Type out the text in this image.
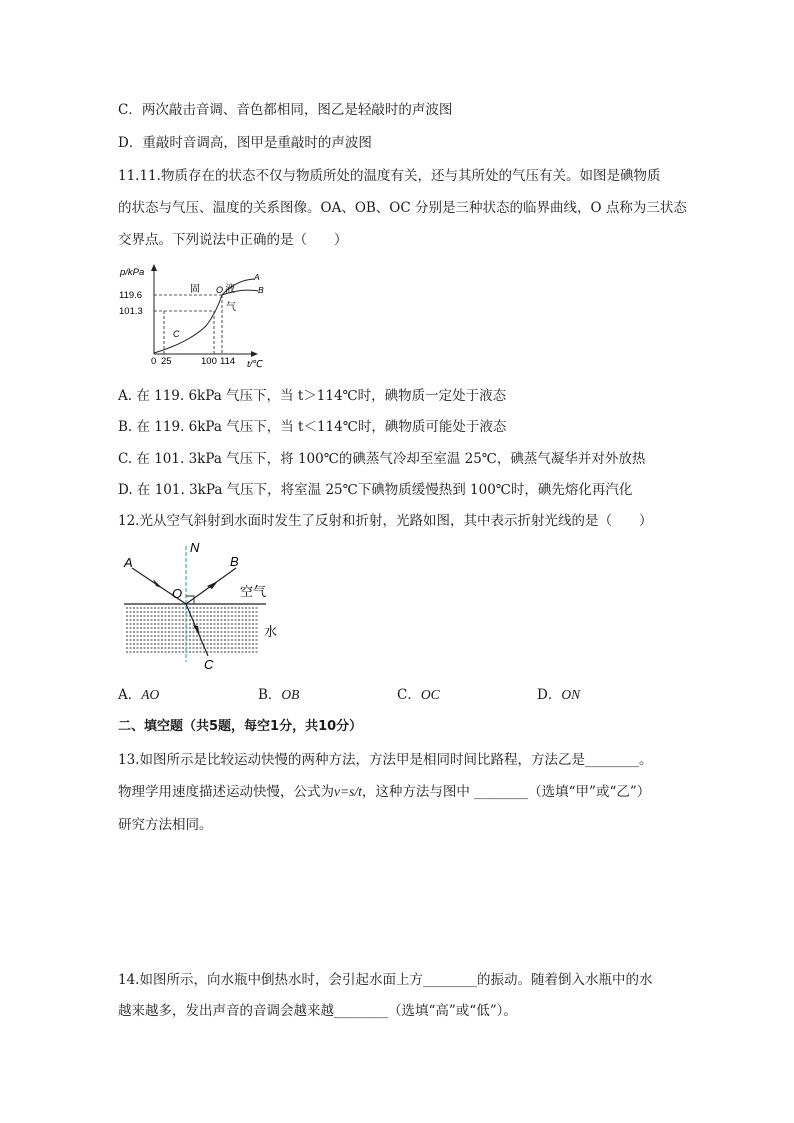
C．两次敲击音调、音色都相同，图乙是轻敲时的声波图
D．重敲时音调高，图甲是重敲时的声波图
11.11.物质存在的状态不仅与物质所处的温度有关，还与其所处的气压有关。如图是碘物质
的状态与气压、温度的关系图像。OA、OB、OC 分别是三种状态的临界曲线，O 点称为三状态
交界点。下列说法中正确的是（　　）
p/kPa
119.6
101.3
0 25	100 114 t/℃
固 O 液
气
A
B
C
A. 在 119. 6kPa 气压下，当 t＞114℃时，碘物质一定处于液态
B. 在 119. 6kPa 气压下，当 t＜114℃时，碘物质可能处于液态
C. 在 101. 3kPa 气压下，将 100℃的碘蒸气冷却至室温 25℃，碘蒸气凝华并对外放热
D. 在 101. 3kPa 气压下，将室温 25℃下碘物质缓慢热到 100℃时，碘先熔化再汽化
12.光从空气斜射到水面时发生了反射和折射，光路如图，其中表示折射光线的是（　　）
A
N
B
O	空气
水
C
A．AO	B．OB	C．OC	D．ON
二、填空题（共5题，每空1分，共10分）
13.如图所示是比较运动快慢的两种方法，方法甲是相同时间比路程，方法乙是________。
物理学用速度描述运动快慢，公式为v=s/t，这种方法与图中 ________（选填“甲”或“乙”）
研究方法相同。
14.如图所示，向水瓶中倒热水时，会引起水面上方________的振动。随着倒入水瓶中的水
越来越多，发出声音的音调会越来越________（选填“高”或“低”）。
